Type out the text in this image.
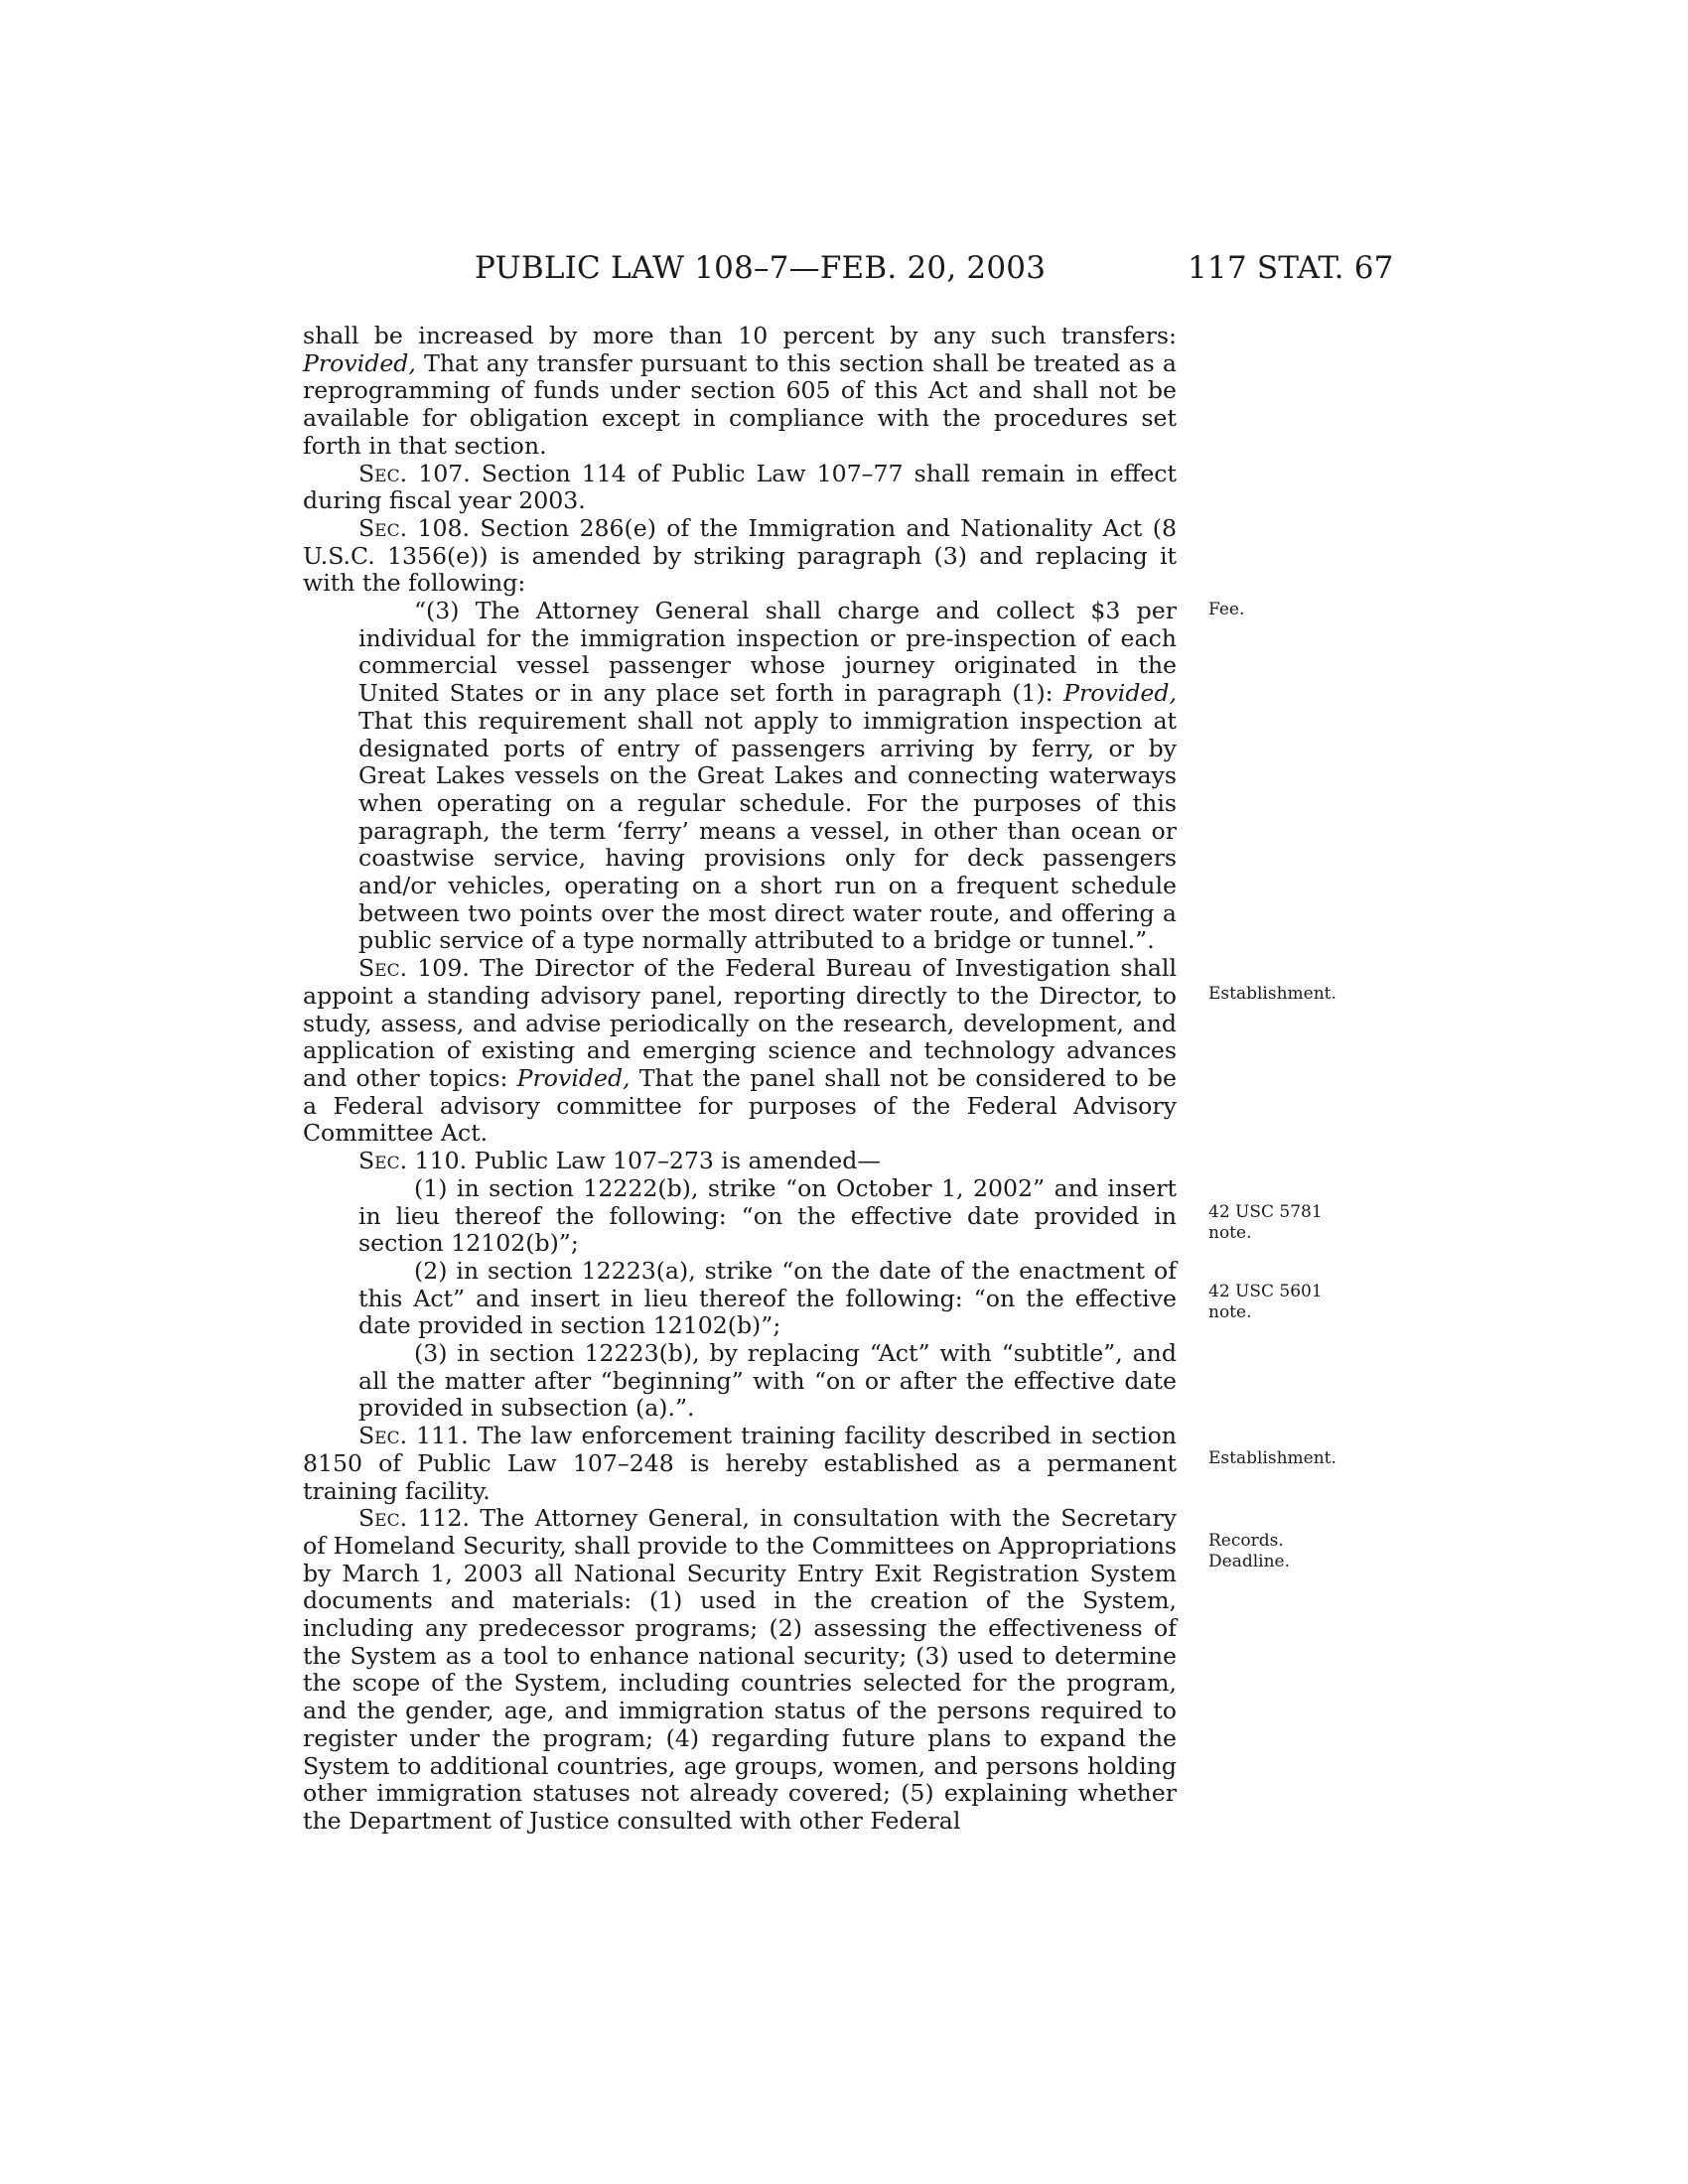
PUBLIC LAW 108–7—FEB. 20, 2003	117 STAT. 67

shall be increased by more than 10 percent by any such transfers: Provided, That any transfer pursuant to this section shall be treated as a reprogramming of funds under section 605 of this Act and shall not be available for obligation except in compliance with the procedures set forth in that section.

Sec. 107. Section 114 of Public Law 107–77 shall remain in effect during fiscal year 2003.

Sec. 108. Section 286(e) of the Immigration and Nationality Act (8 U.S.C. 1356(e)) is amended by striking paragraph (3) and replacing it with the following:

“(3) The Attorney General shall charge and collect $3 per individual for the immigration inspection or pre-inspection of each commercial vessel passenger whose journey originated in the United States or in any place set forth in paragraph (1): Provided, That this requirement shall not apply to immigration inspection at designated ports of entry of passengers arriving by ferry, or by Great Lakes vessels on the Great Lakes and connecting waterways when operating on a regular schedule. For the purposes of this paragraph, the term ‘ferry’ means a vessel, in other than ocean or coastwise service, having provisions only for deck passengers and/or vehicles, operating on a short run on a frequent schedule between two points over the most direct water route, and offering a public service of a type normally attributed to a bridge or tunnel.”.

Sec. 109. The Director of the Federal Bureau of Investigation shall appoint a standing advisory panel, reporting directly to the Director, to study, assess, and advise periodically on the research, development, and application of existing and emerging science and technology advances and other topics: Provided, That the panel shall not be considered to be a Federal advisory committee for purposes of the Federal Advisory Committee Act.

Sec. 110. Public Law 107–273 is amended—

(1) in section 12222(b), strike “on October 1, 2002” and insert in lieu thereof the following: “on the effective date provided in section 12102(b)”;

(2) in section 12223(a), strike “on the date of the enactment of this Act” and insert in lieu thereof the following: “on the effective date provided in section 12102(b)”;

(3) in section 12223(b), by replacing “Act” with “subtitle”, and all the matter after “beginning” with “on or after the effective date provided in subsection (a).”.

Sec. 111. The law enforcement training facility described in section 8150 of Public Law 107–248 is hereby established as a permanent training facility.

Sec. 112. The Attorney General, in consultation with the Secretary of Homeland Security, shall provide to the Committees on Appropriations by March 1, 2003 all National Security Entry Exit Registration System documents and materials: (1) used in the creation of the System, including any predecessor programs; (2) assessing the effectiveness of the System as a tool to enhance national security; (3) used to determine the scope of the System, including countries selected for the program, and the gender, age, and immigration status of the persons required to register under the program; (4) regarding future plans to expand the System to additional countries, age groups, women, and persons holding other immigration statuses not already covered; (5) explaining whether the Department of Justice consulted with other Federal

Fee.
Establishment.
42 USC 5781
note.
42 USC 5601
note.
Establishment.
Records.
Deadline.
